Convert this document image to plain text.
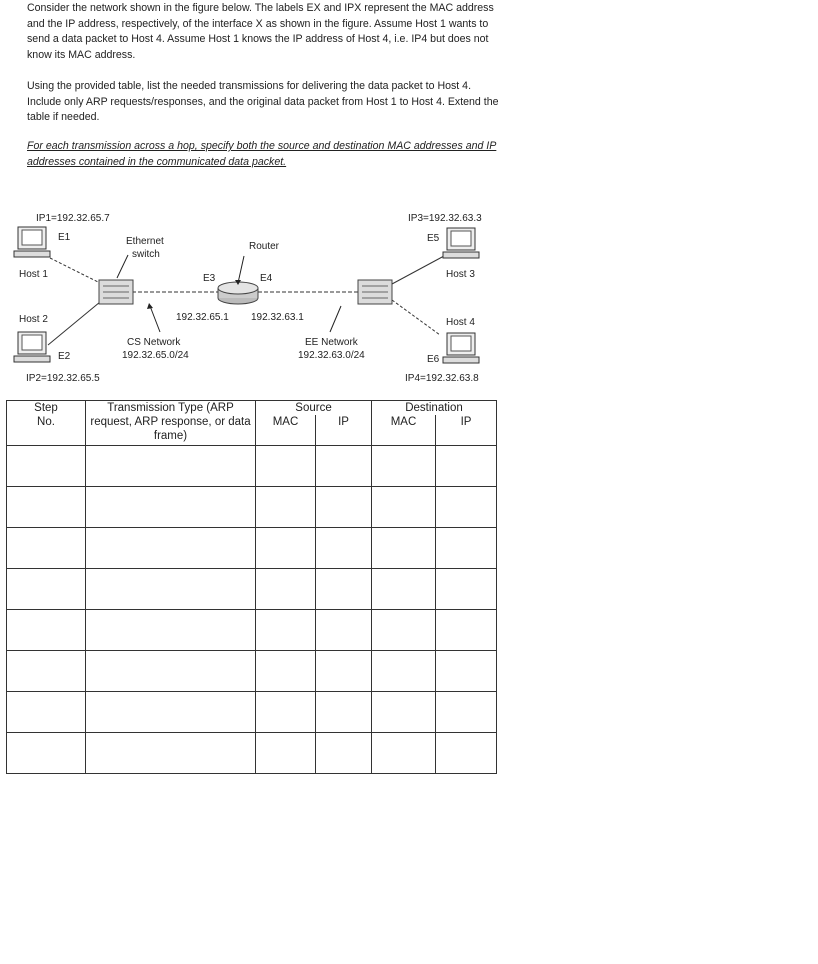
Consider the network shown in the figure below. The labels EX and IPX represent the MAC address and the IP address, respectively, of the interface X as shown in the figure. Assume Host 1 wants to send a data packet to Host 4. Assume Host 1 knows the IP address of Host 4, i.e. IP4 but does not know its MAC address.

Using the provided table, list the needed transmissions for delivering the data packet to Host 4. Include only ARP requests/responses, and the original data packet from Host 1 to Host 4. Extend the table if needed.

For each transmission across a hop, specify both the source and destination MAC addresses and IP addresses contained in the communicated data packet.

IP1=192.32.65.7
E1
Host 1
Host 2
E2
IP2=192.32.65.5
Ethernet
switch
Router
E3	E4
192.32.65.1 192.32.63.1
CS Network
192.32.65.0/24
EE Network
192.32.63.0/24
IP3=192.32.63.3
E5
Host 3
Host 4
E6
IP4=192.32.63.8
Step
No.	Transmission Type (ARP request, ARP response, or data frame)	Source		Destination	
		MAC	IP	MAC	IP
